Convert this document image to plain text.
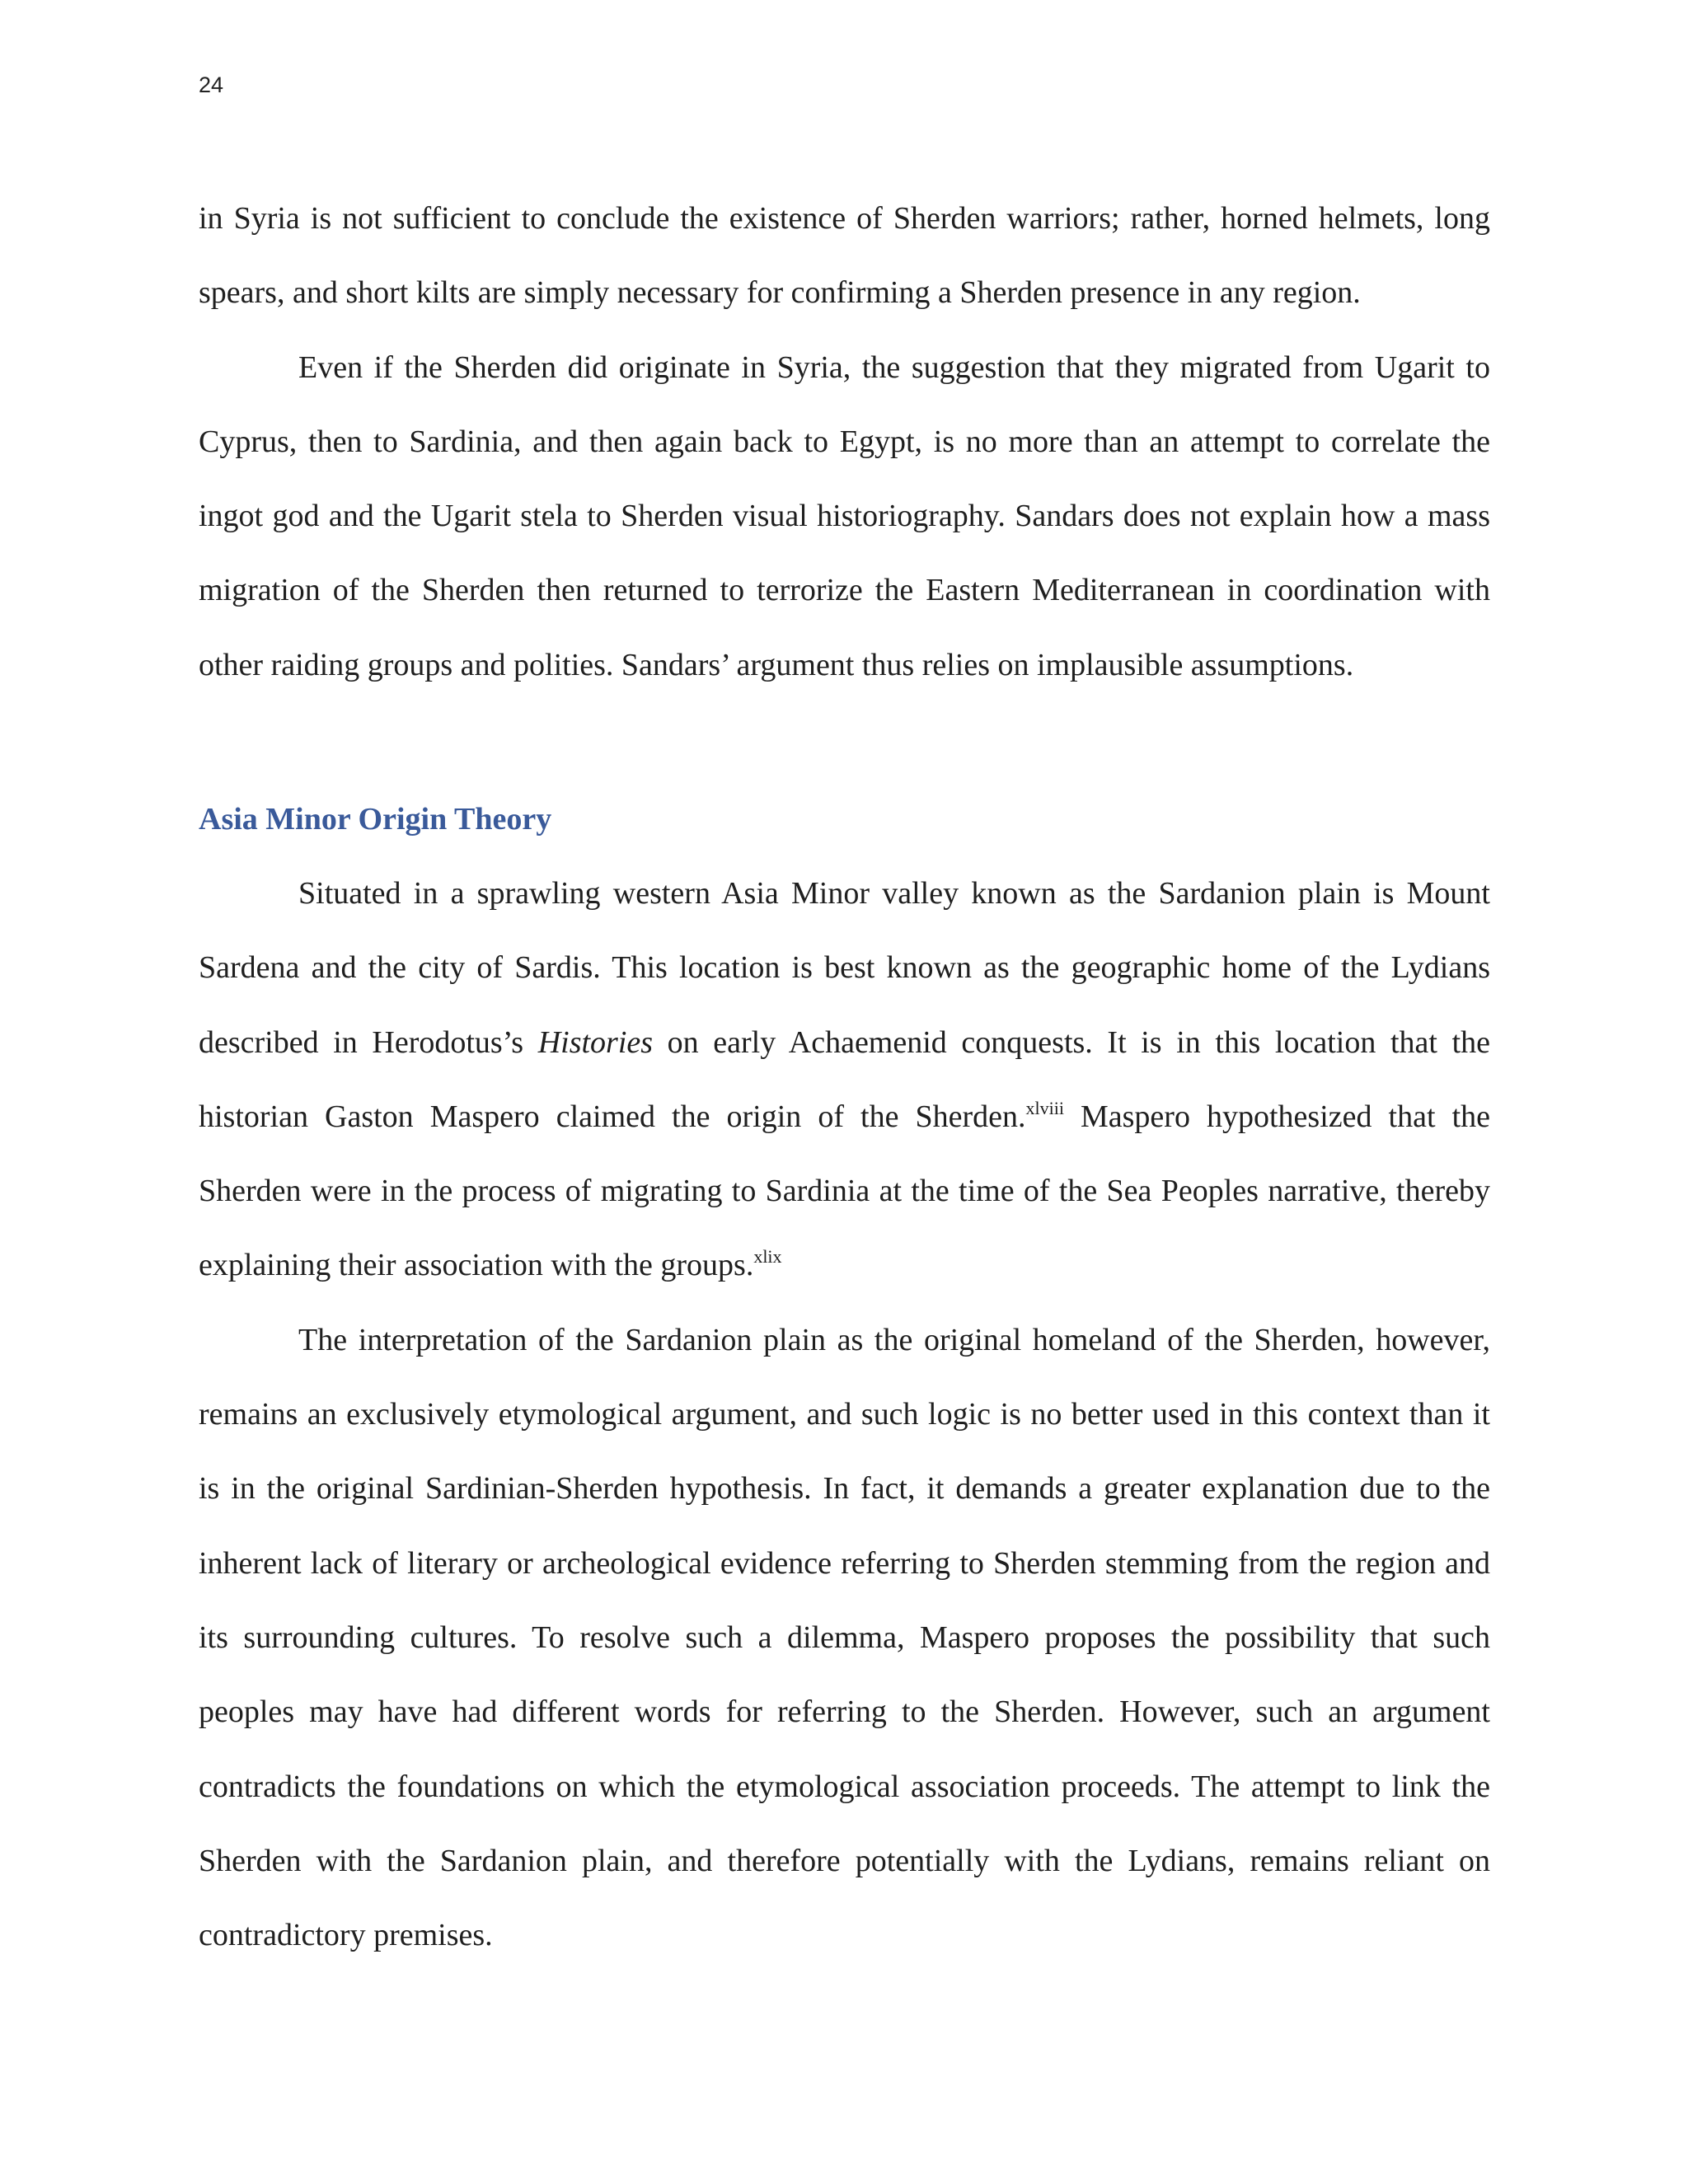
24

in Syria is not sufficient to conclude the existence of Sherden warriors; rather, horned helmets, long spears, and short kilts are simply necessary for confirming a Sherden presence in any region.

Even if the Sherden did originate in Syria, the suggestion that they migrated from Ugarit to Cyprus, then to Sardinia, and then again back to Egypt, is no more than an attempt to correlate the ingot god and the Ugarit stela to Sherden visual historiography. Sandars does not explain how a mass migration of the Sherden then returned to terrorize the Eastern Mediterranean in coordination with other raiding groups and polities. Sandars’ argument thus relies on implausible assumptions.

Asia Minor Origin Theory

Situated in a sprawling western Asia Minor valley known as the Sardanion plain is Mount Sardena and the city of Sardis. This location is best known as the geographic home of the Lydians described in Herodotus’s Histories on early Achaemenid conquests. It is in this location that the historian Gaston Maspero claimed the origin of the Sherden.$^{xlviii}$ Maspero hypothesized that the Sherden were in the process of migrating to Sardinia at the time of the Sea Peoples narrative, thereby explaining their association with the groups.$^{xlix}$

The interpretation of the Sardanion plain as the original homeland of the Sherden, however, remains an exclusively etymological argument, and such logic is no better used in this context than it is in the original Sardinian-Sherden hypothesis. In fact, it demands a greater explanation due to the inherent lack of literary or archeological evidence referring to Sherden stemming from the region and its surrounding cultures. To resolve such a dilemma, Maspero proposes the possibility that such peoples may have had different words for referring to the Sherden. However, such an argument contradicts the foundations on which the etymological association proceeds. The attempt to link the Sherden with the Sardanion plain, and therefore potentially with the Lydians, remains reliant on contradictory premises.
